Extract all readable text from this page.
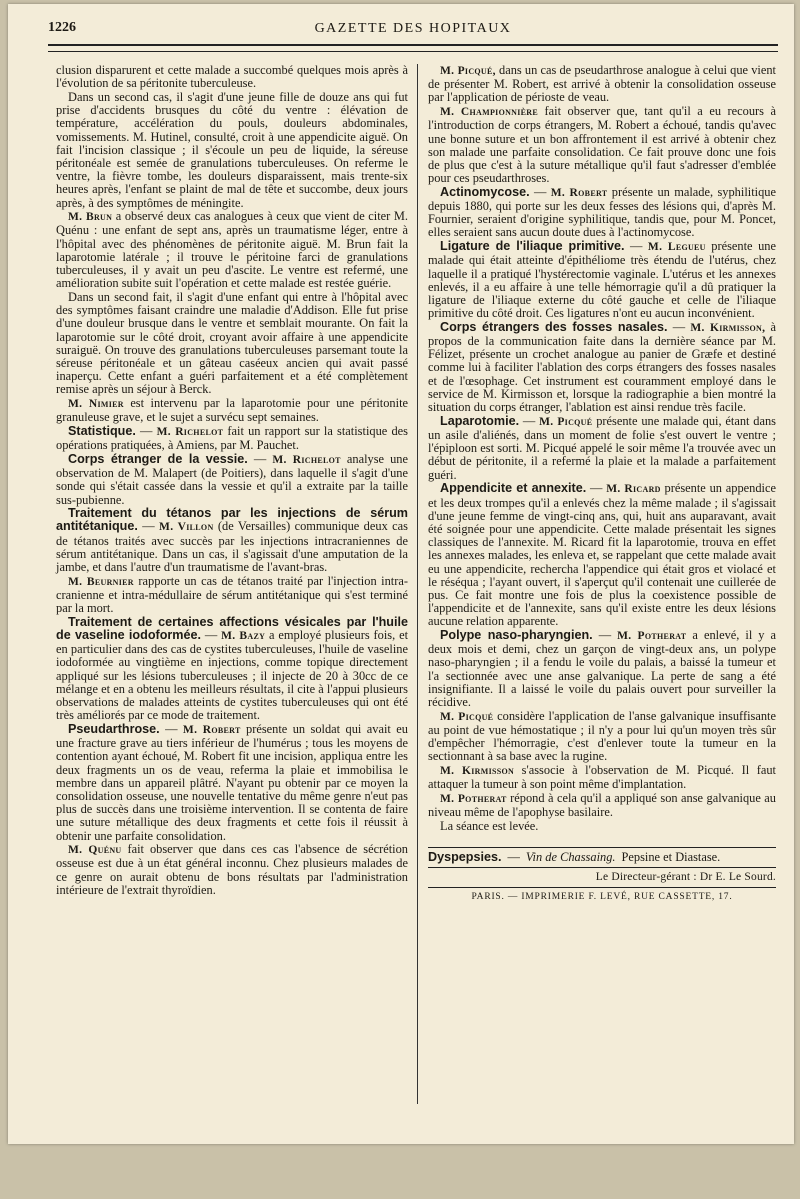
1226	GAZETTE DES HOPITAUX

clusion disparurent et cette malade a succombé quelques mois après à l'évolution de sa péritonite tuberculeuse.

Dans un second cas, il s'agit d'une jeune fille de douze ans qui fut prise d'accidents brusques du côté du ventre : élévation de température, accélération du pouls, douleurs abdominales, vomissements. M. Hutinel, consulté, croit à une appendicite aiguë. On fait l'incision classique ; il s'écoule un peu de liquide, la séreuse péritonéale est semée de granulations tuberculeuses. On referme le ventre, la fièvre tombe, les douleurs disparaissent, mais trente-six heures après, l'enfant se plaint de mal de tête et succombe, deux jours après, à des symptômes de méningite.

M. Brun a observé deux cas analogues à ceux que vient de citer M. Quénu : une enfant de sept ans, après un traumatisme léger, entre à l'hôpital avec des phénomènes de péritonite aiguë. M. Brun fait la laparotomie latérale ; il trouve le péritoine farci de granulations tuberculeuses, il y avait un peu d'ascite. Le ventre est refermé, une amélioration subite suit l'opération et cette malade est restée guérie.

Dans un second fait, il s'agit d'une enfant qui entre à l'hôpital avec des symptômes faisant craindre une maladie d'Addison. Elle fut prise d'une douleur brusque dans le ventre et semblait mourante. On fait la laparotomie sur le côté droit, croyant avoir affaire à une appendicite suraiguë. On trouve des granulations tuberculeuses parsemant toute la séreuse péritonéale et un gâteau caséeux ancien qui avait passé inaperçu. Cette enfant a guéri parfaitement et a été complètement remise après un séjour à Berck.

M. Nimier est intervenu par la laparotomie pour une péritonite granuleuse grave, et le sujet a survécu sept semaines.

Statistique. — M. Richelot fait un rapport sur la statistique des opérations pratiquées, à Amiens, par M. Pauchet.

Corps étranger de la vessie. — M. Richelot analyse une observation de M. Malapert (de Poitiers), dans laquelle il s'agit d'une sonde qui s'était cassée dans la vessie et qu'il a extraite par la taille sus-pubienne.

Traitement du tétanos par les injections de sérum antitétanique. — M. Villon (de Versailles) communique deux cas de tétanos traités avec succès par les injections intracraniennes de sérum antitétanique. Dans un cas, il s'agissait d'une amputation de la jambe, et dans l'autre d'un traumatisme de l'avant-bras.

M. Beurnier rapporte un cas de tétanos traité par l'injection intra-cranienne et intra-médullaire de sérum antitétanique qui s'est terminé par la mort.

Traitement de certaines affections vésicales par l'huile de vaseline iodoformée. — M. Bazy a employé plusieurs fois, et en particulier dans des cas de cystites tuberculeuses, l'huile de vaseline iodoformée au vingtième en injections, comme topique directement appliqué sur les lésions tuberculeuses ; il injecte de 20 à 30cc de ce mélange et en a obtenu les meilleurs résultats, il cite à l'appui plusieurs observations de malades atteints de cystites tuberculeuses qui ont été très améliorés par ce mode de traitement.

Pseudarthrose. — M. Robert présente un soldat qui avait eu une fracture grave au tiers inférieur de l'humérus ; tous les moyens de contention ayant échoué, M. Robert fit une incision, appliqua entre les deux fragments un os de veau, referma la plaie et immobilisa le membre dans un appareil plâtré. N'ayant pu obtenir par ce moyen la consolidation osseuse, une nouvelle tentative du même genre n'eut pas plus de succès dans une troisième intervention. Il se contenta de faire une suture métallique des deux fragments et cette fois il réussit à obtenir une parfaite consolidation.

M. Quénu fait observer que dans ces cas l'absence de sécrétion osseuse est due à un état général inconnu. Chez plusieurs malades de ce genre on aurait obtenu de bons résultats par l'administration intérieure de l'extrait thyroïdien.

M. Picqué, dans un cas de pseudarthrose analogue à celui que vient de présenter M. Robert, est arrivé à obtenir la consolidation osseuse par l'application de périoste de veau.

M. Championnière fait observer que, tant qu'il a eu recours à l'introduction de corps étrangers, M. Robert a échoué, tandis qu'avec une bonne suture et un bon affrontement il est arrivé à obtenir chez son malade une parfaite consolidation. Ce fait prouve donc une fois de plus que c'est à la suture métallique qu'il faut s'adresser d'emblée pour ces pseudarthroses.

Actinomycose. — M. Robert présente un malade, syphilitique depuis 1880, qui porte sur les deux fesses des lésions qui, d'après M. Fournier, seraient d'origine syphilitique, tandis que, pour M. Poncet, elles seraient sans aucun doute dues à l'actinomycose.

Ligature de l'iliaque primitive. — M. Legueu présente une malade qui était atteinte d'épithéliome très étendu de l'utérus, chez laquelle il a pratiqué l'hystérectomie vaginale. L'utérus et les annexes enlevés, il a eu affaire à une telle hémorragie qu'il a dû pratiquer la ligature de l'iliaque externe du côté gauche et celle de l'iliaque primitive du côté droit. Ces ligatures n'ont eu aucun inconvénient.

Corps étrangers des fosses nasales. — M. Kirmisson, à propos de la communication faite dans la dernière séance par M. Félizet, présente un crochet analogue au panier de Græfe et destiné comme lui à faciliter l'ablation des corps étrangers des fosses nasales et de l'œsophage. Cet instrument est couramment employé dans le service de M. Kirmisson et, lorsque la radiographie a bien montré la situation du corps étranger, l'ablation est ainsi rendue très facile.

Laparotomie. — M. Picqué présente une malade qui, étant dans un asile d'aliénés, dans un moment de folie s'est ouvert le ventre ; l'épiploon est sorti. M. Picqué appelé le soir même l'a trouvée avec un début de péritonite, il a refermé la plaie et la malade a parfaitement guéri.

Appendicite et annexite. — M. Ricard présente un appendice et les deux trompes qu'il a enlevés chez la même malade ; il s'agissait d'une jeune femme de vingt-cinq ans, qui, huit ans auparavant, avait été soignée pour une appendicite. Cette malade présentait les signes classiques de l'annexite. M. Ricard fit la laparotomie, trouva en effet les annexes malades, les enleva et, se rappelant que cette malade avait eu une appendicite, rechercha l'appendice qui était gros et violacé et le réséqua ; l'ayant ouvert, il s'aperçut qu'il contenait une cuillerée de pus. Ce fait montre une fois de plus la coexistence possible de l'appendicite et de l'annexite, sans qu'il existe entre les deux lésions aucune relation apparente.

Polype naso-pharyngien. — M. Potherat a enlevé, il y a deux mois et demi, chez un garçon de vingt-deux ans, un polype naso-pharyngien ; il a fendu le voile du palais, a baissé la tumeur et l'a sectionnée avec une anse galvanique. La perte de sang a été insignifiante. Il a laissé le voile du palais ouvert pour surveiller la récidive.

M. Picqué considère l'application de l'anse galvanique insuffisante au point de vue hémostatique ; il n'y a pour lui qu'un moyen très sûr d'empêcher l'hémorragie, c'est d'enlever toute la tumeur en la sectionnant à sa base avec la rugine.

M. Kirmisson s'associe à l'observation de M. Picqué. Il faut attaquer la tumeur à son point même d'implantation.

M. Potherat répond à cela qu'il a appliqué son anse galvanique au niveau même de l'apophyse basilaire.

La séance est levée.

Dyspepsies. — Vin de Chassaing. Pepsine et Diastase.
Le Directeur-gérant : Dr E. Le Sourd.
PARIS. — IMPRIMERIE F. LEVÉ, RUE CASSETTE, 17.
